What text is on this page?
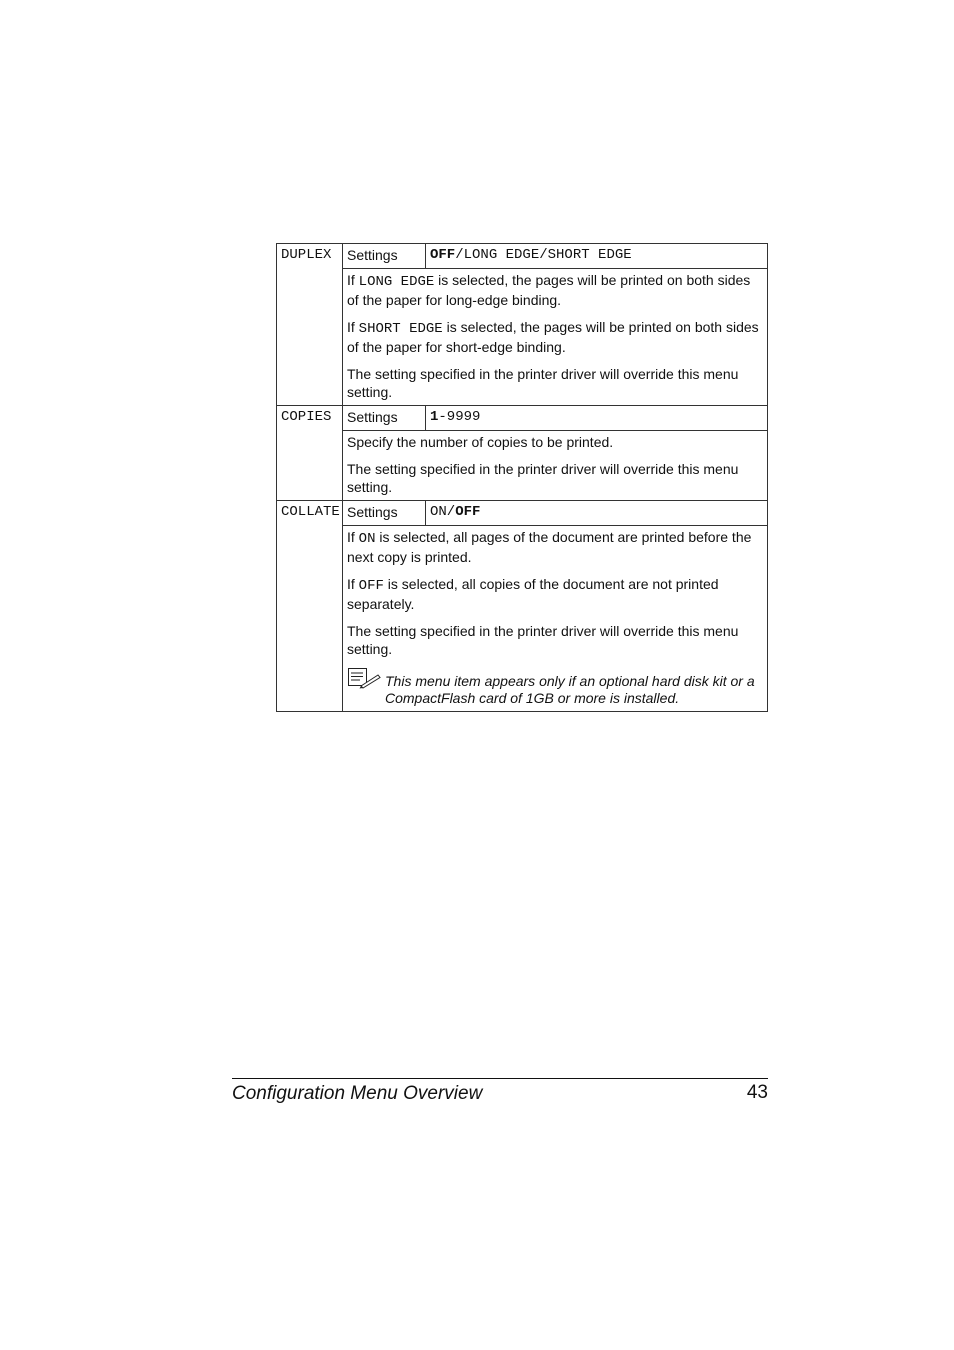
DUPLEX	Settings	OFF/LONG EDGE/SHORT EDGE

	If LONG EDGE is selected, the pages will be printed on both sides of the paper for long-edge binding.

If SHORT EDGE is selected, the pages will be printed on both sides of the paper for short-edge binding.

The setting specified in the printer driver will override this menu setting.	

COPIES	Settings	1-9999

	Specify the number of copies to be printed.

The setting specified in the printer driver will override this menu setting.	

COLLATE	Settings	ON/OFF

	If ON is selected, all pages of the document are printed before the next copy is printed.

If OFF is selected, all copies of the document are not printed separately.

The setting specified in the printer driver will override this menu setting.

This menu item appears only if an optional hard disk kit or a CompactFlash card of 1GB or more is installed.	
Configuration Menu Overview	43
